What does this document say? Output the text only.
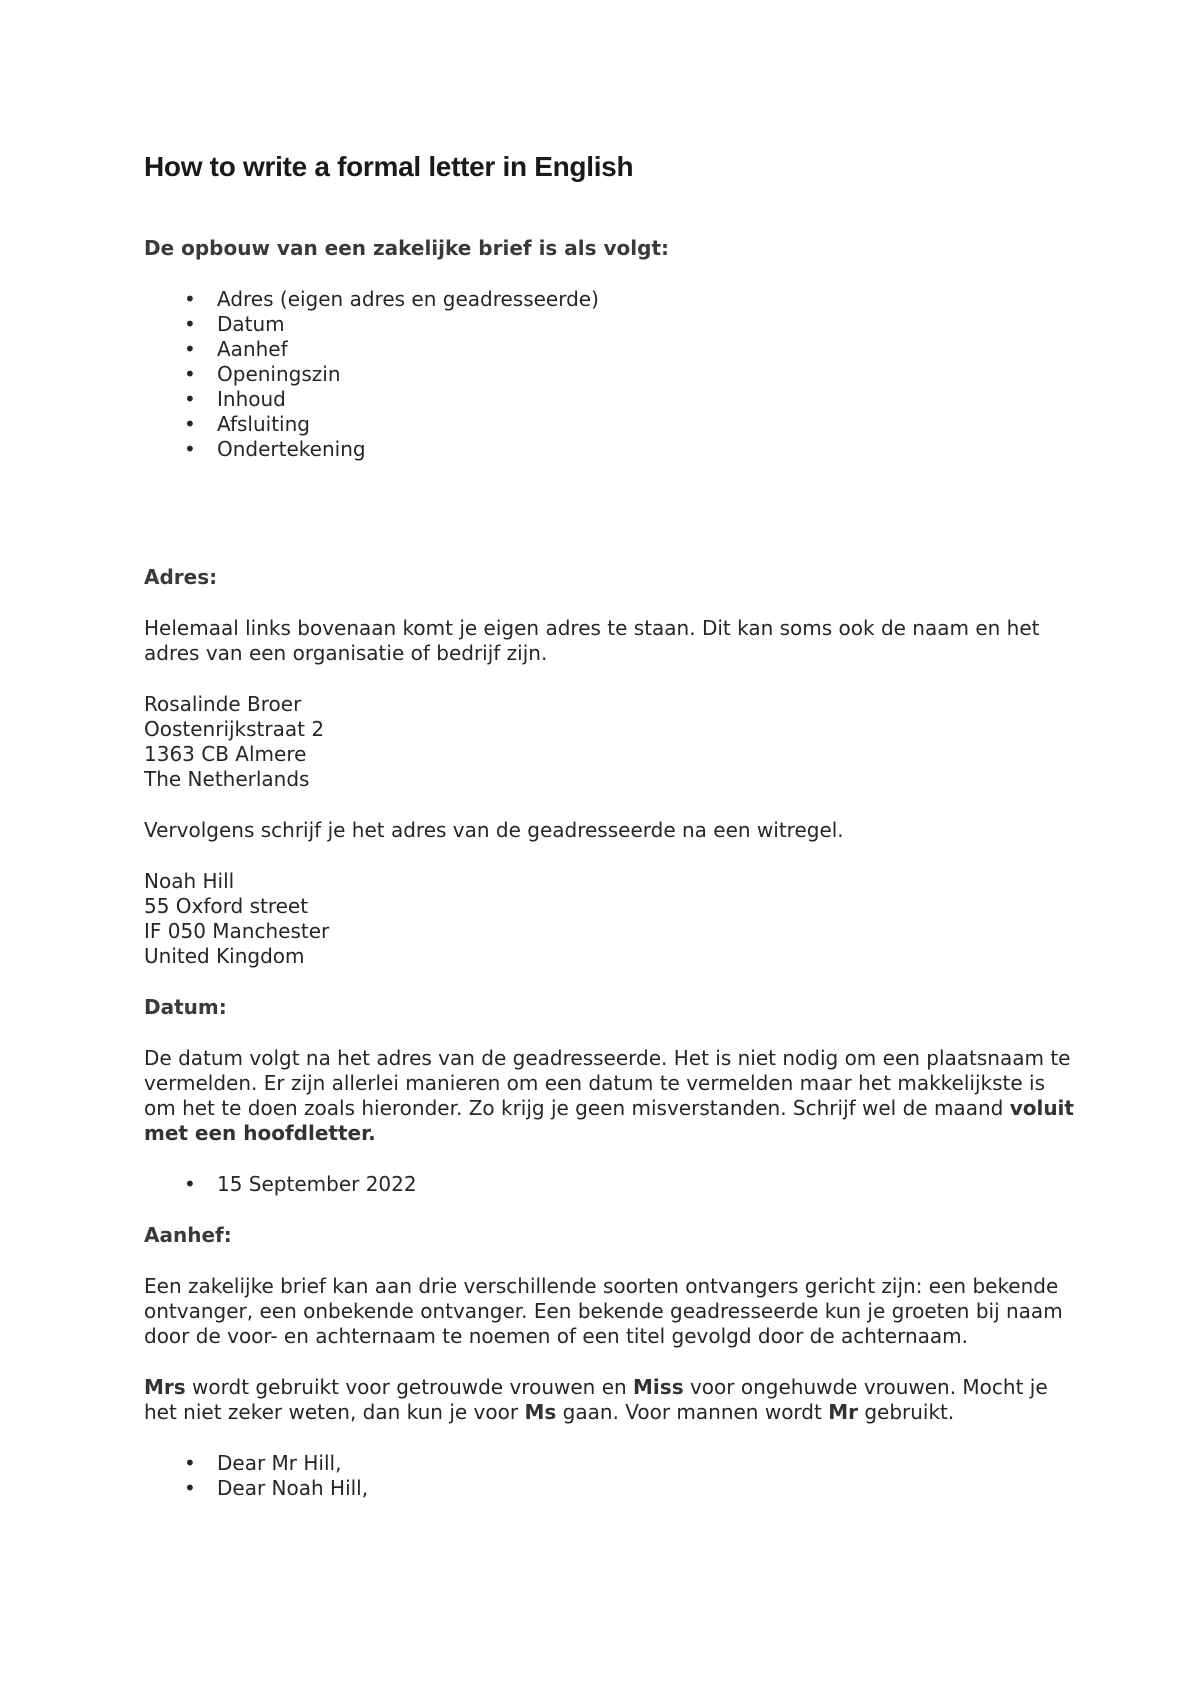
How to write a formal letter in English
De opbouw van een zakelijke brief is als volgt:
• Adres (eigen adres en geadresseerde)
• Datum
• Aanhef
• Openingszin
• Inhoud
• Afsluiting
• Ondertekening
Adres:
Helemaal links bovenaan komt je eigen adres te staan. Dit kan soms ook de naam en het adres van een organisatie of bedrijf zijn.
Rosalinde Broer
Oostenrijkstraat 2
1363 CB Almere
The Netherlands
Vervolgens schrijf je het adres van de geadresseerde na een witregel.
Noah Hill
55 Oxford street
IF 050 Manchester
United Kingdom
Datum:
De datum volgt na het adres van de geadresseerde. Het is niet nodig om een plaatsnaam te vermelden. Er zijn allerlei manieren om een datum te vermelden maar het makkelijkste is om het te doen zoals hieronder. Zo krijg je geen misverstanden. Schrijf wel de maand voluit met een hoofdletter.
• 15 September 2022
Aanhef:
Een zakelijke brief kan aan drie verschillende soorten ontvangers gericht zijn: een bekende ontvanger, een onbekende ontvanger. Een bekende geadresseerde kun je groeten bij naam door de voor- en achternaam te noemen of een titel gevolgd door de achternaam.
Mrs wordt gebruikt voor getrouwde vrouwen en Miss voor ongehuwde vrouwen. Mocht je het niet zeker weten, dan kun je voor Ms gaan. Voor mannen wordt Mr gebruikt.
• Dear Mr Hill,
• Dear Noah Hill,
